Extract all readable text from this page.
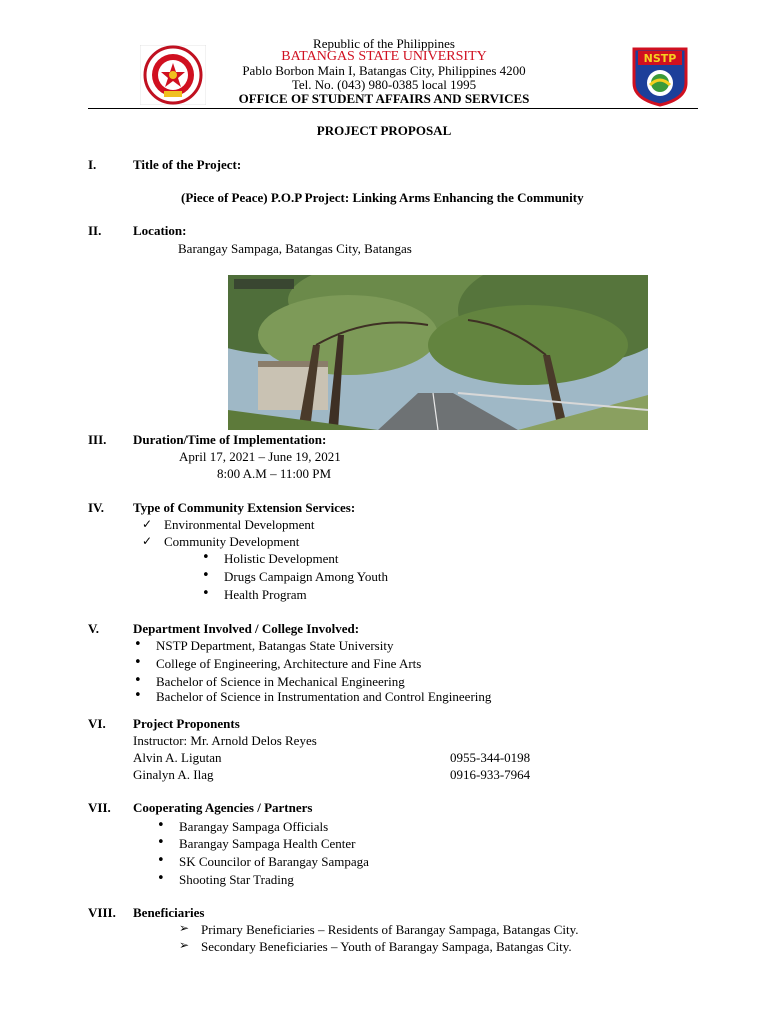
NSTP
Republic of the Philippines
BATANGAS STATE UNIVERSITY
Pablo Borbon Main I, Batangas City, Philippines 4200
Tel. No. (043) 980-0385 local 1995
OFFICE OF STUDENT AFFAIRS AND SERVICES
PROJECT PROPOSAL
I.	Title of the Project:
(Piece of Peace) P.O.P Project: Linking Arms Enhancing the Community
II. Location:
Barangay Sampaga, Batangas City, Batangas
III. Duration/Time of Implementation:
April 17, 2021 – June 19, 2021
8:00 A.M – 11:00 PM
IV. Type of Community Extension Services:
✓ Environmental Development
✓ Community Development
• Holistic Development
• Drugs Campaign Among Youth
• Health Program
V.	Department Involved / College Involved:
• NSTP Department, Batangas State University
• College of Engineering, Architecture and Fine Arts
• Bachelor of Science in Mechanical Engineering
• Bachelor of Science in Instrumentation and Control Engineering
VI. Project Proponents
Instructor: Mr. Arnold Delos Reyes
Alvin A. Ligutan	0955-344-0198
Ginalyn A. Ilag	0916-933-7964
VII. Cooperating Agencies / Partners
• Barangay Sampaga Officials
• Barangay Sampaga Health Center
• SK Councilor of Barangay Sampaga
• Shooting Star Trading
VIII. Beneficiaries
➢ Primary Beneficiaries – Residents of Barangay Sampaga, Batangas City.
➢ Secondary Beneficiaries – Youth of Barangay Sampaga, Batangas City.
